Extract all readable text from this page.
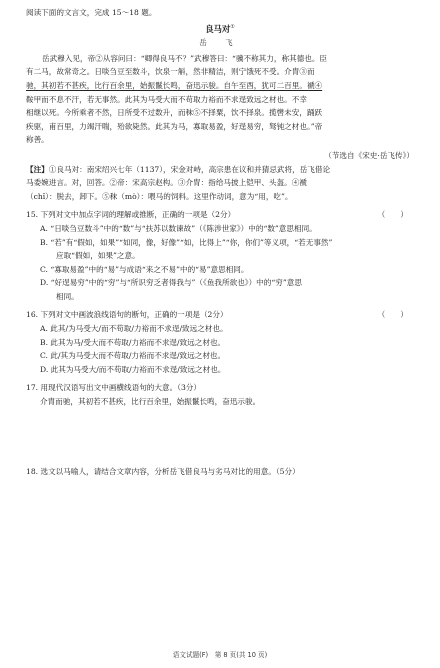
阅读下面的文言文，完成 15～18 题。
良马对①
岳 飞
岳武穆入见，帝②从容问曰：“卿得良马不？”武穆答曰：“骥不称其力，称其德也。臣
有二马，故常奇之。日啖刍豆至数斗，饮泉一斛，然非精洁，则宁饿死不受。介胄③而
驰，其初若不甚疾，比行百余里，始振鬣长鸣，奋迅示骏。自午至酉，犹可二百里。褫④
鞍甲而不息不汗，若无事然。此其为马受大而不苟取力裕而不求逞致远之材也。不幸
相继以死。今所乘者不然，日所受不过数升，而秣⑤不择粟，饮不择泉。揽辔未安，踊跃
疾驱，甫百里，力竭汗喘，殆欲毙然。此其为马，寡取易盈，好逞易穷，驽钝之材也。”帝
称善。
（节选自《宋史·岳飞传》）
【注】①良马对：南宋绍兴七年（1137），宋金对峙，高宗患在议和并猜忌武将，岳飞借论
马委婉进言。对，回答。②帝：宋高宗赵构。③介胄：指给马披上铠甲、头盔。④褫
（chǐ）：脱去，卸下。⑤秣（mò）：喂马的饲料。这里作动词，意为“用，吃”。
15. 下列对文中加点字词的理解或推断，正确的一项是（2分）	（　　）
A. “日啖刍豆数斗”中的“数”与“扶苏以数谏故”（《陈涉世家》）中的“数”意思相同。
B. “若”有“假如，如果”“如同，像，好像”“如，比得上”“你，你们”等义项，“若无事然”
应取“假如，如果”之意。
C. “寡取易盈”中的“易”与成语“来之不易”中的“易”意思相同。
D. “好逞易穷”中的“穷”与“所识穷乏者得我与”（《鱼我所欲也》）中的“穷”意思
相同。
16. 下列对文中画波浪线语句的断句，正确的一项是（2分）	（　　）
A. 此其/为马受大/而不苟取/力裕而不求逞/致远之材也。
B. 此其为马/受大而不苟取/力裕而不求逞/致远之材也。
C. 此/其为马受大而不苟取/力裕而不求逞/致远之材也。
D. 此其为马受大/而不苟取/力裕而不求逞/致远之材也。
17. 用现代汉语写出文中画横线语句的大意。（3分）
介胄而驰，其初若不甚疾，比行百余里，始振鬣长鸣，奋迅示骏。
18. 选文以马喻人，请结合文章内容，分析岳飞借良马与劣马对比的用意。（5分）
语文试题(F)　第 8 页(共 10 页)
